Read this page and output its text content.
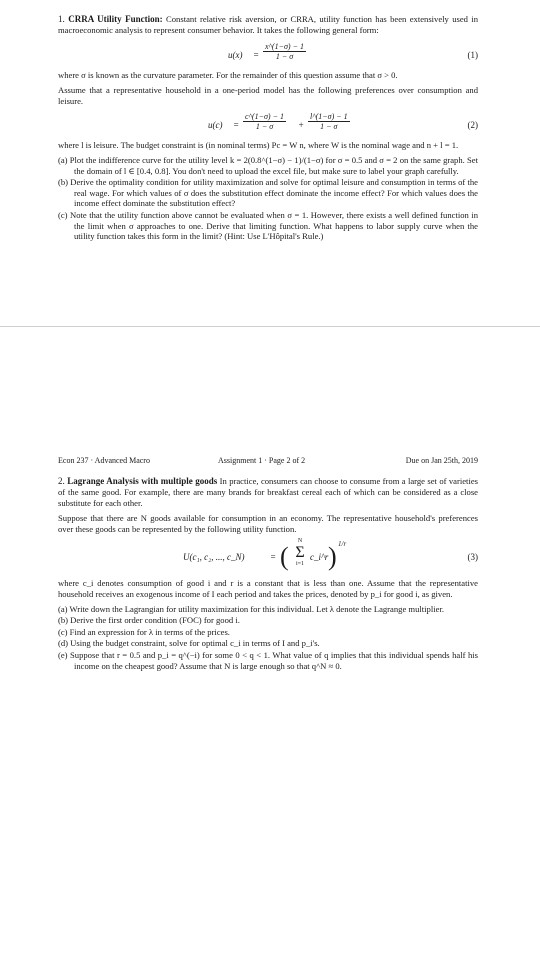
1. CRRA Utility Function: Constant relative risk aversion, or CRRA, utility function has been extensively used in macroeconomic analysis to represent consumer behavior. It takes the following general form:

$u(x) = \frac{x\^{}(1-\sigma) - 1}{1 - \sigma}$	(1)

where σ is known as the curvature parameter. For the remainder of this question assume that σ > 0.

Assume that a representative household in a one-period model has the following preferences over consumption and leisure.

$u(c) = \frac{c\^{}(1-\sigma) - 1}{1 - \sigma} + \frac{l\^{}(1-\sigma) - 1}{1 - \sigma}$	(2)

where l is leisure. The budget constraint is (in nominal terms) Pc = W n, where W is the nominal wage and n + l = 1.

(a) Plot the indifference curve for the utility level k = 2(0.8^(1−σ) − 1)/(1−σ) for σ = 0.5 and σ = 2 on the same graph. Set the domain of l ∈ [0.4, 0.8]. You don't need to upload the excel file, but make sure to label your graph carefully.
(b) Derive the optimality condition for utility maximization and solve for optimal leisure and consumption in terms of the real wage. For which values of σ does the substitution effect dominate the income effect? For which values does the income effect dominate the substitution effect?
(c) Note that the utility function above cannot be evaluated when σ = 1. However, there exists a well defined function in the limit when σ approaches to one. Derive that limiting function. What happens to labor supply curve when the utility function takes this form in the limit? (Hint: Use L'Hôpital's Rule.)
Econ 237 · Advanced Macro	Assignment 1 · Page 2 of 2	Due on Jan 25th, 2019

2. Lagrange Analysis with multiple goods In practice, consumers can choose to consume from a large set of varieties of the same good. For example, there are many brands for breakfast cereal each of which can be considered as a close substitute for each other.

Suppose that there are N goods available for consumption in an economy. The representative household's preferences over these goods can be represented by the following utility function.

U(c₁, c₂, ..., c_N)	= (
N
Σ
i=1
c_i^r ) 1/r
(3)

where c_i denotes consumption of good i and r is a constant that is less than one. Assume that the representative household receives an exogenous income of I each period and takes the prices, denoted by p_i for good i, as given.

(a) Write down the Lagrangian for utility maximization for this individual. Let λ denote the Lagrange multiplier.
(b) Derive the first order condition (FOC) for good i.
(c) Find an expression for λ in terms of the prices.
(d) Using the budget constraint, solve for optimal c_i in terms of I and p_i's.
(e) Suppose that r = 0.5 and p_i = q^(−i) for some 0 < q < 1. What value of q implies that this individual spends half his income on the cheapest good? Assume that N is large enough so that q^N ≈ 0.
